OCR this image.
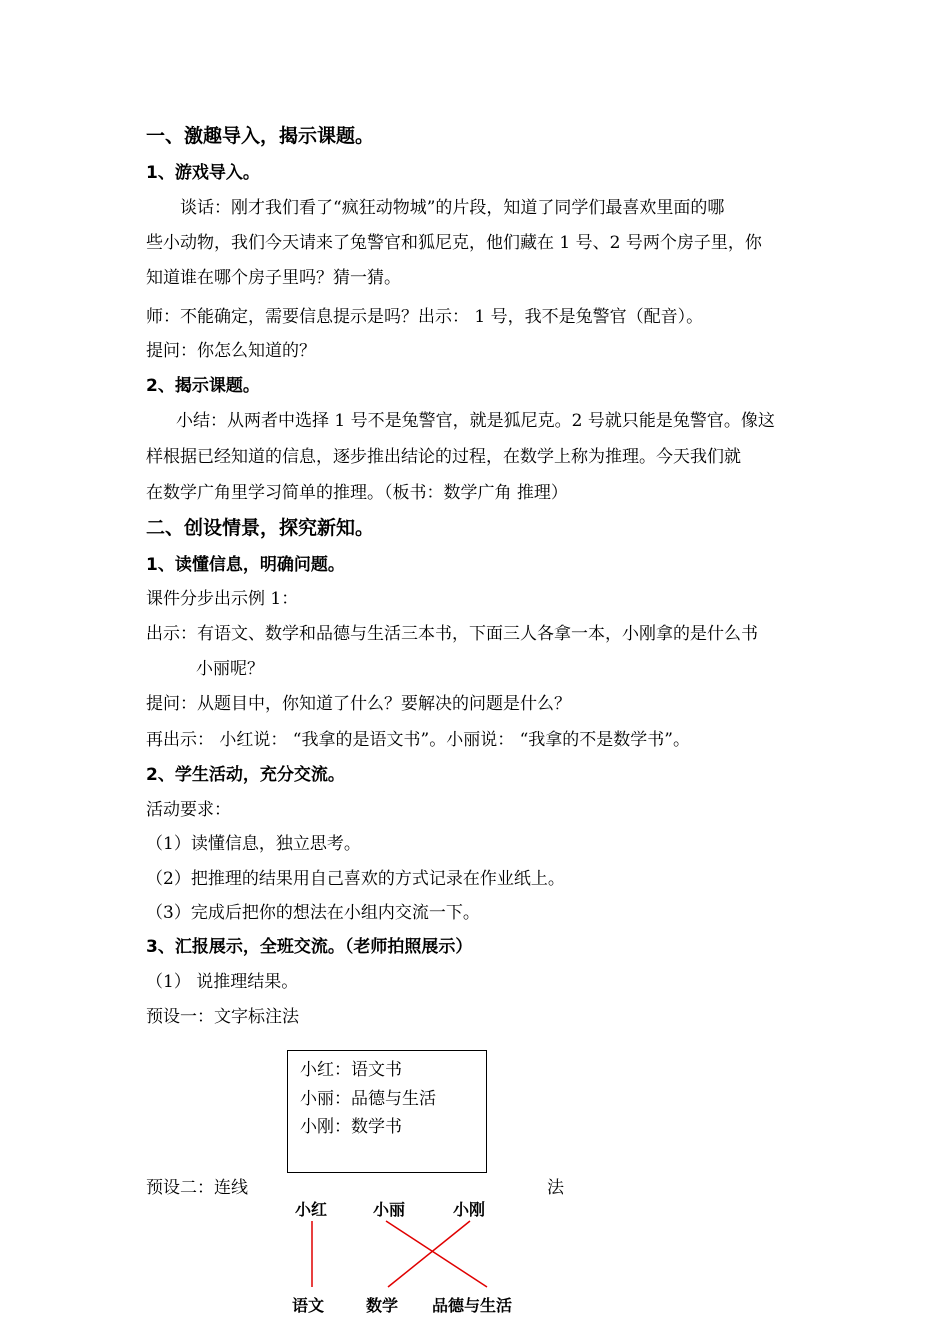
一、激趣导入，揭示课题。
1、游戏导入。
谈话：刚才我们看了“疯狂动物城”的片段，知道了同学们最喜欢里面的哪
些小动物，我们今天请来了兔警官和狐尼克，他们藏在 1 号、2 号两个房子里，你
知道谁在哪个房子里吗？猜一猜。
师：不能确定，需要信息提示是吗？出示： 1 号，我不是兔警官（配音）。
提问：你怎么知道的？
2、揭示课题。
小结：从两者中选择 1 号不是兔警官，就是狐尼克。2 号就只能是兔警官。像这
样根据已经知道的信息，逐步推出结论的过程，在数学上称为推理。今天我们就
在数学广角里学习简单的推理。（板书：数学广角 推理）
二、创设情景，探究新知。
1、读懂信息，明确问题。
课件分步出示例 1：
出示：有语文、数学和品德与生活三本书，下面三人各拿一本，小刚拿的是什么书
小丽呢？
提问：从题目中，你知道了什么？要解决的问题是什么？
再出示： 小红说： “我拿的是语文书”。小丽说： “我拿的不是数学书”。
2、学生活动，充分交流。
活动要求：
（1）读懂信息，独立思考。
（2）把推理的结果用自己喜欢的方式记录在作业纸上。
（3）完成后把你的想法在小组内交流一下。
3、汇报展示，全班交流。（老师拍照展示）
（1） 说推理结果。
预设一：文字标注法
小红：语文书
小丽：品德与生活
小刚：数学书
预设二：连线	法
小红	小丽	小刚
语文	数学 品德与生活
